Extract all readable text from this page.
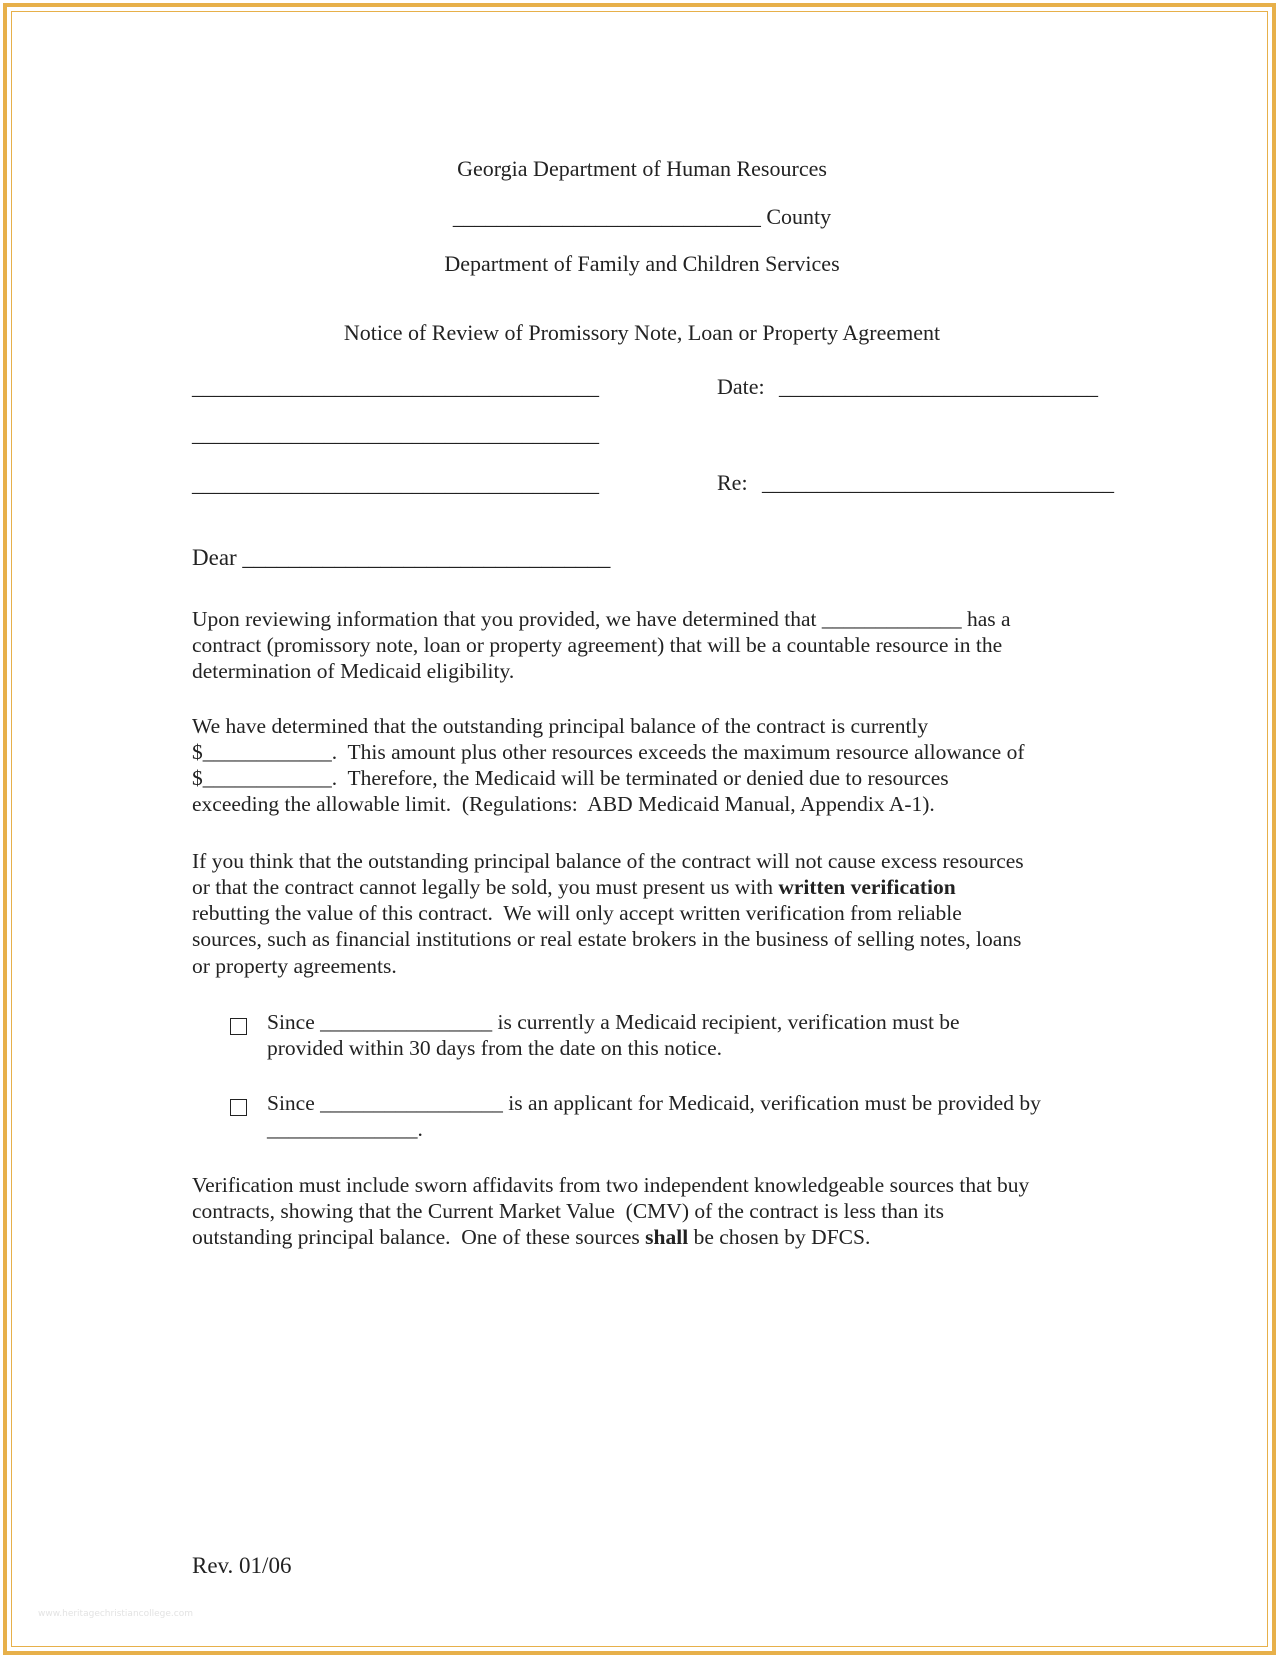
Georgia Department of Human Resources
____________________________ County
Department of Family and Children Services
Notice of Review of Promissory Note, Loan or Property Agreement
_____________________________________
_____________________________________
_____________________________________
Date: _____________________________
Re: ________________________________
Dear ________________________________
Upon reviewing information that you provided, we have determined that _____________ has a
contract (promissory note, loan or property agreement) that will be a countable resource in the
determination of Medicaid eligibility.
We have determined that the outstanding principal balance of the contract is currently
$____________.  This amount plus other resources exceeds the maximum resource allowance of
$____________.  Therefore, the Medicaid will be terminated or denied due to resources
exceeding the allowable limit.  (Regulations:  ABD Medicaid Manual, Appendix A-1).
If you think that the outstanding principal balance of the contract will not cause excess resources
or that the contract cannot legally be sold, you must present us with written verification
rebutting the value of this contract.  We will only accept written verification from reliable
sources, such as financial institutions or real estate brokers in the business of selling notes, loans
or property agreements.
Since ________________ is currently a Medicaid recipient, verification must be
provided within 30 days from the date on this notice.
Since _________________ is an applicant for Medicaid, verification must be provided by
______________.
Verification must include sworn affidavits from two independent knowledgeable sources that buy
contracts, showing that the Current Market Value  (CMV) of the contract is less than its
outstanding principal balance.  One of these sources shall be chosen by DFCS.
Rev. 01/06
www.heritagechristiancollege.com
